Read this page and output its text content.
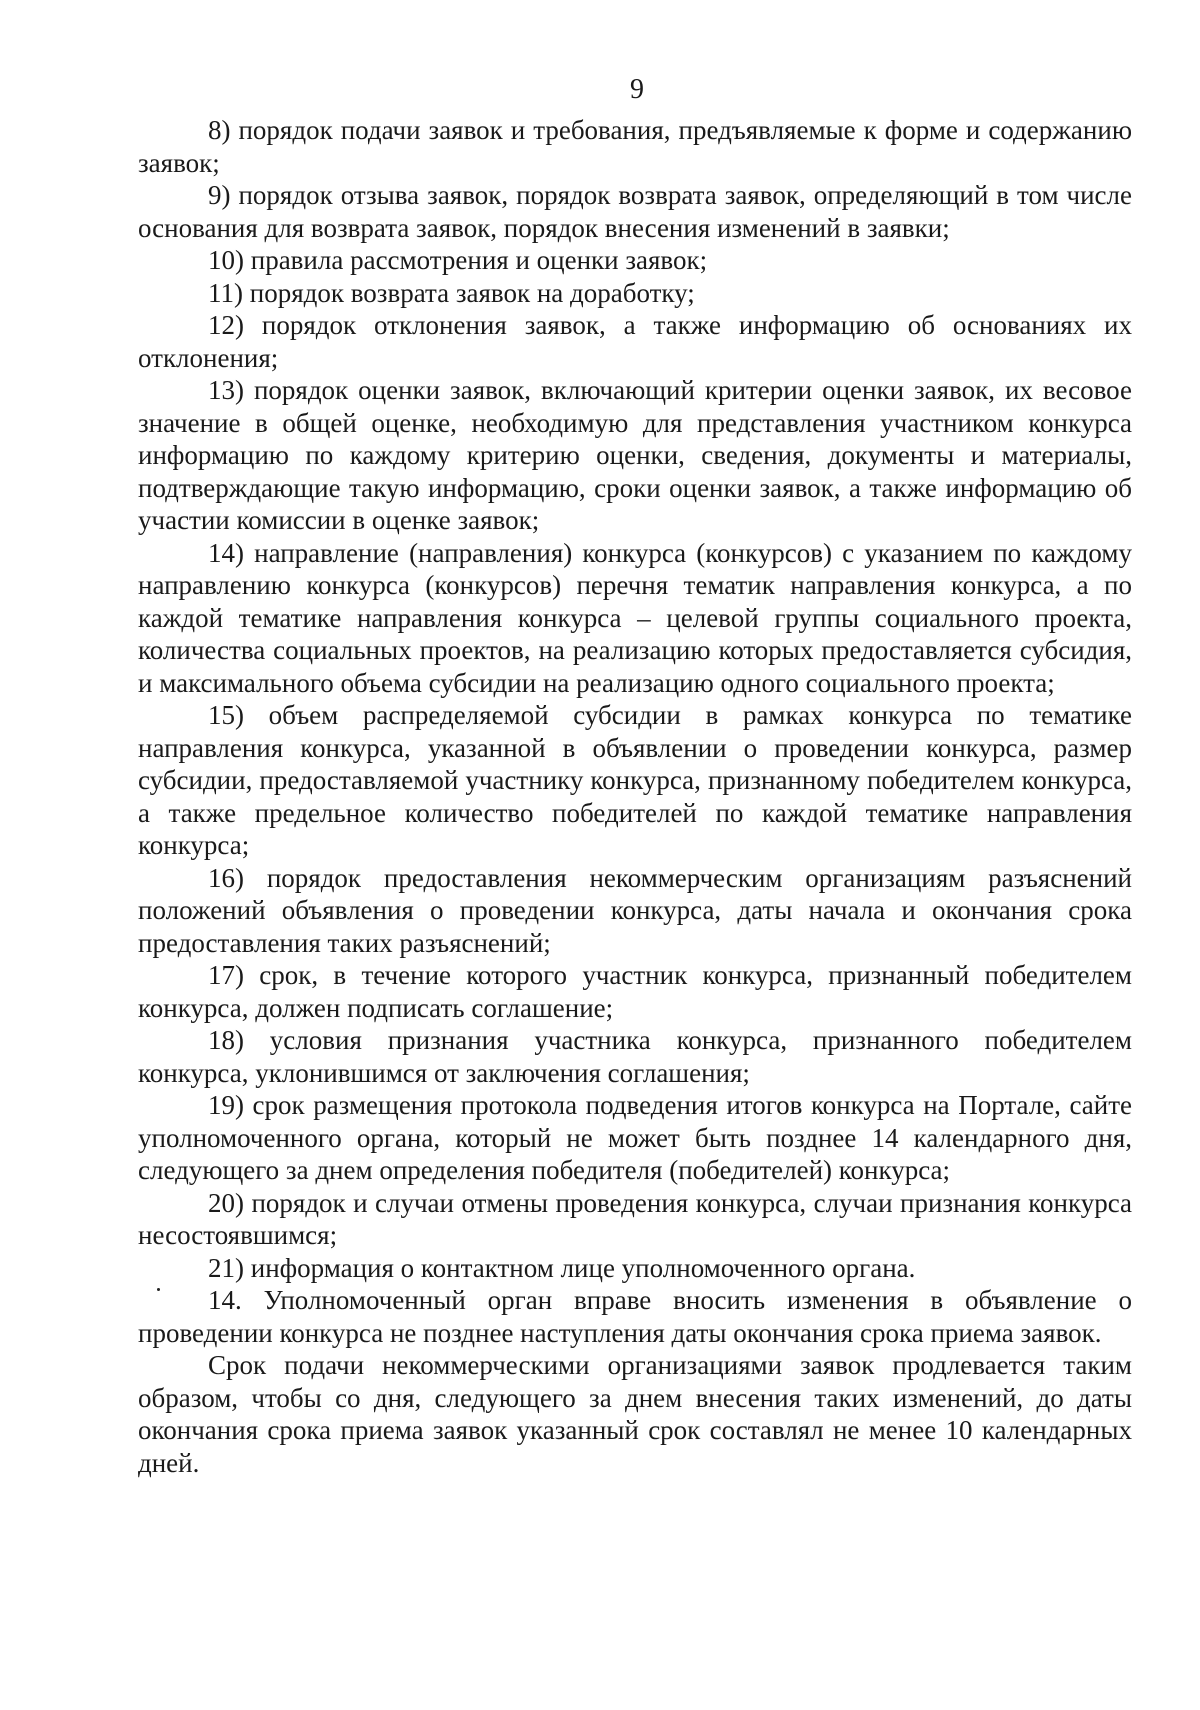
9

8) порядок подачи заявок и требования, предъявляемые к форме и содержанию заявок;

9) порядок отзыва заявок, порядок возврата заявок, определяющий в том числе основания для возврата заявок, порядок внесения изменений в заявки;

10) правила рассмотрения и оценки заявок;

11) порядок возврата заявок на доработку;

12) порядок отклонения заявок, а также информацию об основаниях их отклонения;

13) порядок оценки заявок, включающий критерии оценки заявок, их весовое значение в общей оценке, необходимую для представления участником конкурса информацию по каждому критерию оценки, сведения, документы и материалы, подтверждающие такую информацию, сроки оценки заявок, а также информацию об участии комиссии в оценке заявок;

14) направление (направления) конкурса (конкурсов) с указанием по каждому направлению конкурса (конкурсов) перечня тематик направления конкурса, а по каждой тематике направления конкурса – целевой группы социального проекта, количества социальных проектов, на реализацию которых предоставляется субсидия, и максимального объема субсидии на реализацию одного социального проекта;

15) объем распределяемой субсидии в рамках конкурса по тематике направления конкурса, указанной в объявлении о проведении конкурса, размер субсидии, предоставляемой участнику конкурса, признанному победителем конкурса, а также предельное количество победителей по каждой тематике направления конкурса;

16) порядок предоставления некоммерческим организациям разъяснений положений объявления о проведении конкурса, даты начала и окончания срока предоставления таких разъяснений;

17) срок, в течение которого участник конкурса, признанный победителем конкурса, должен подписать соглашение;

18) условия признания участника конкурса, признанного победителем конкурса, уклонившимся от заключения соглашения;

19) срок размещения протокола подведения итогов конкурса на Портале, сайте уполномоченного органа, который не может быть позднее 14 календарного дня, следующего за днем определения победителя (победителей) конкурса;

20) порядок и случаи отмены проведения конкурса, случаи признания конкурса несостоявшимся;

21) информация о контактном лице уполномоченного органа.

14. Уполномоченный орган вправе вносить изменения в объявление о проведении конкурса не позднее наступления даты окончания срока приема заявок.

Срок подачи некоммерческими организациями заявок продлевается таким образом, чтобы со дня, следующего за днем внесения таких изменений, до даты окончания срока приема заявок указанный срок составлял не менее 10 календарных дней.
